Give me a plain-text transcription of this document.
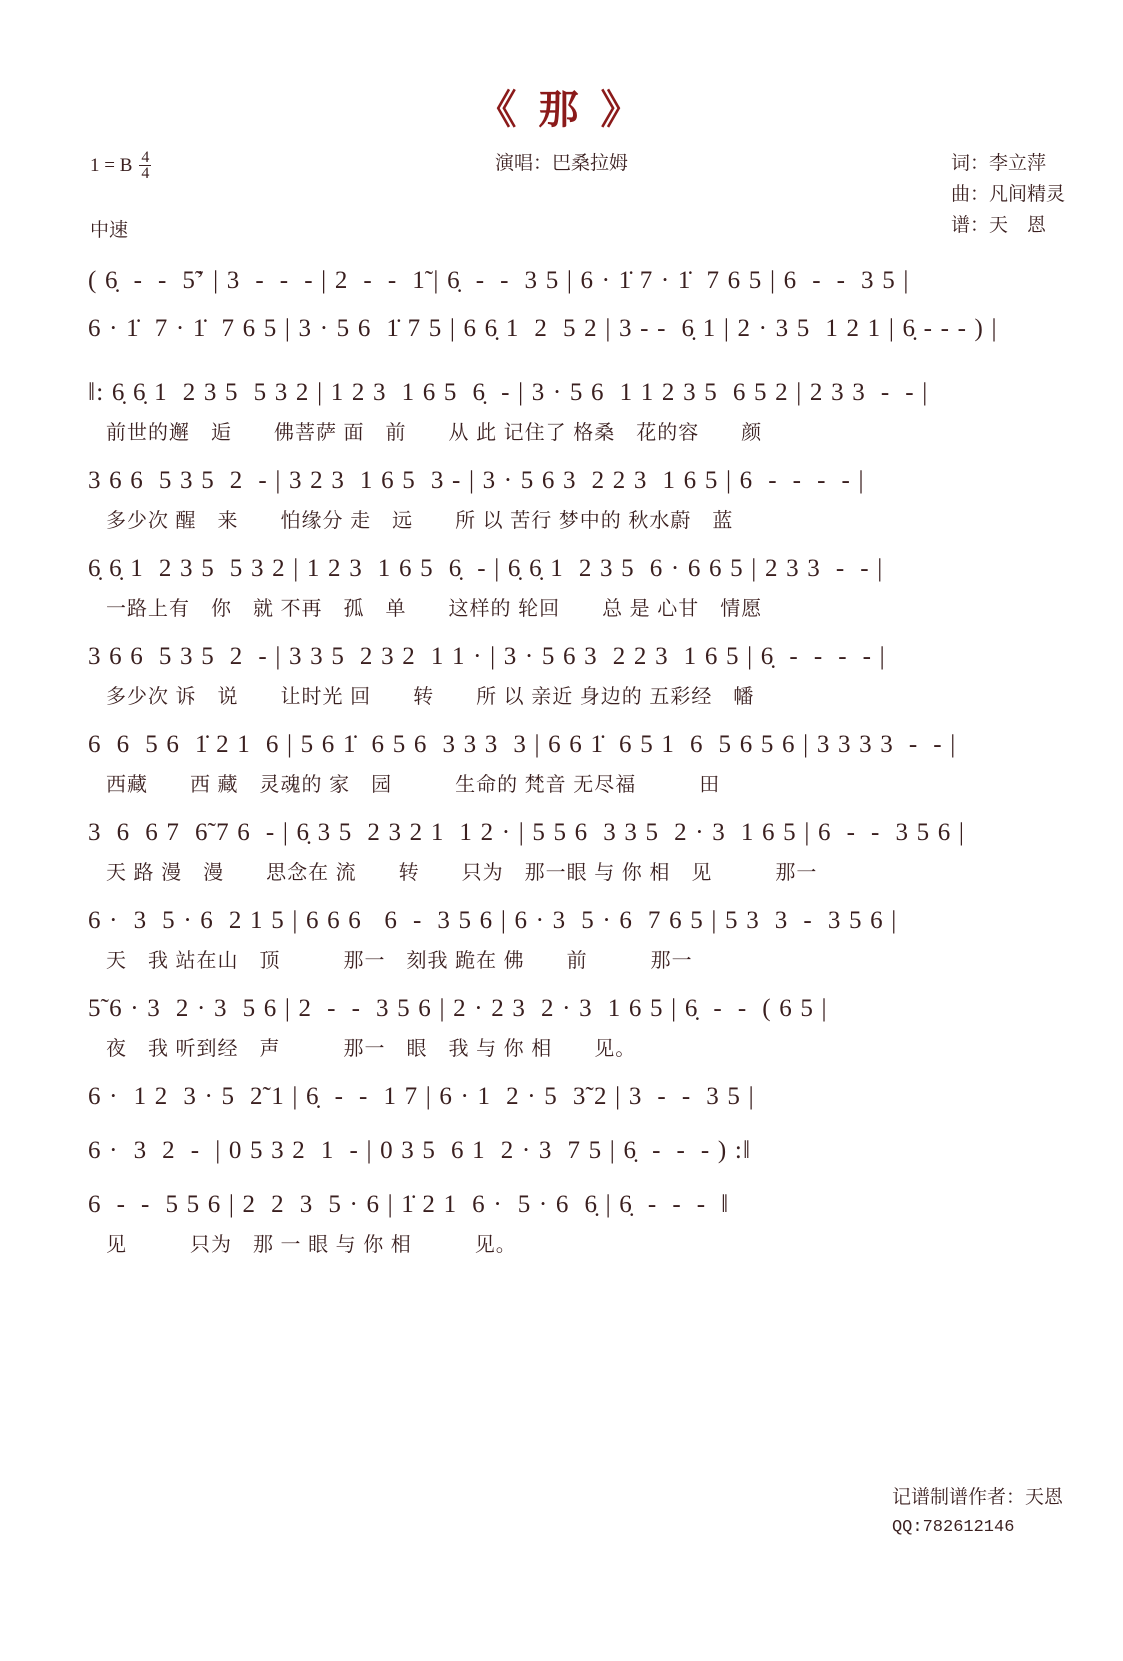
《 那 》
演唱：巴桑拉姆
1 = B $\frac{4}{4}$
中速
词：李立萍
曲：凡间精灵
谱：天　恩
( 6̣  -  -  5̃ʼ | 3  -  -  - | 2  -  -  1̃ | 6̣  -  -  3 5 | 6 · 1̇ 7 · 1̇  7 6 5 | 6  -  -  3 5 |
6 · 1̇  7 · 1̇  7 6 5 | 3 · 5 6  1̇ 7 5 | 6 6̣ 1  2  5 2 | 3 - -  6̣ 1 | 2 · 3 5  1 2 1 | 6̣ - - - ) |
‖: 6̣ 6̣ 1  2 3 5  5 3 2 | 1 2 3  1 6 5  6̣  - | 3 · 5 6  1 1 2 3 5  6 5 2 | 2 3 3  -  - |
前世的邂　逅　　佛菩萨 面　前　　从 此 记住了 格桑　花的容　　颜
3 6 6  5 3 5  2  - | 3 2 3  1 6 5  3 - | 3 · 5 6 3  2 2 3  1 6 5 | 6  -  -  -  - |
多少次 醒　来　　怕缘分 走　远　　所 以 苦行 梦中的 秋水蔚　蓝
6̣ 6̣ 1  2 3 5  5 3 2 | 1 2 3  1 6 5  6̣  - | 6̣ 6̣ 1  2 3 5  6 · 6 6 5 | 2 3 3  -  - |
一路上有　你　就 不再　孤　单　　这样的 轮回　　总 是 心甘　情愿
3 6 6  5 3 5  2  - | 3 3 5  2 3 2  1 1 · | 3 · 5 6 3  2 2 3  1 6 5 | 6̣  -  -  -  - |
多少次 诉　说　　让时光 回　　转　　所 以 亲近 身边的 五彩经　幡
6  6  5 6  1̇ 2 1  6 | 5 6 1̇  6 5 6  3 3 3  3 | 6 6 1̇  6 5 1  6  5 6 5 6 | 3 3 3 3  -  - |
西藏　　西 藏　灵魂的 家　园　　　生命的 梵音 无尽福　　　田
3  6  6 7  6̃ 7 6  - | 6̣ 3 5  2 3 2 1  1 2 · | 5 5 6  3 3 5  2 · 3  1 6 5 | 6  -  -  3 5 6 |
天 路 漫　漫　　思念在 流　　转　　只为　那一眼 与 你 相　见　　　那一
6 ·  3  5 · 6  2 1 5 | 6 6 6   6  -  3 5 6 | 6 · 3  5 · 6  7 6 5 | 5 3  3  -  3 5 6 |
天　我 站在山　顶　　　那一　刻我 跪在 佛　　前　　　那一
5̃ 6 · 3  2 · 3  5 6 | 2  -  -  3 5 6 | 2 · 2 3  2 · 3  1 6 5 | 6̣  -  -  ( 6 5 |
夜　我 听到经　声　　　那一　眼　我 与 你 相　　见。
6 ·  1 2  3 · 5  2̃ 1 | 6̣  -  -  1 7 | 6 · 1  2 · 5  3̃ 2 | 3  -  -  3 5 |
6 ·  3  2  -  | 0 5 3 2  1  - | 0 3 5  6 1  2 · 3  7 5 | 6̣  -  -  - ) :‖
6  -  -  5 5 6 | 2  2  3  5 · 6 | 1̇ 2 1  6 ·  5 · 6  6̣ | 6̣  -  -  -  ‖
见　　　只为　那 一 眼 与 你 相　　　见。
记谱制谱作者：天恩
QQ:782612146
